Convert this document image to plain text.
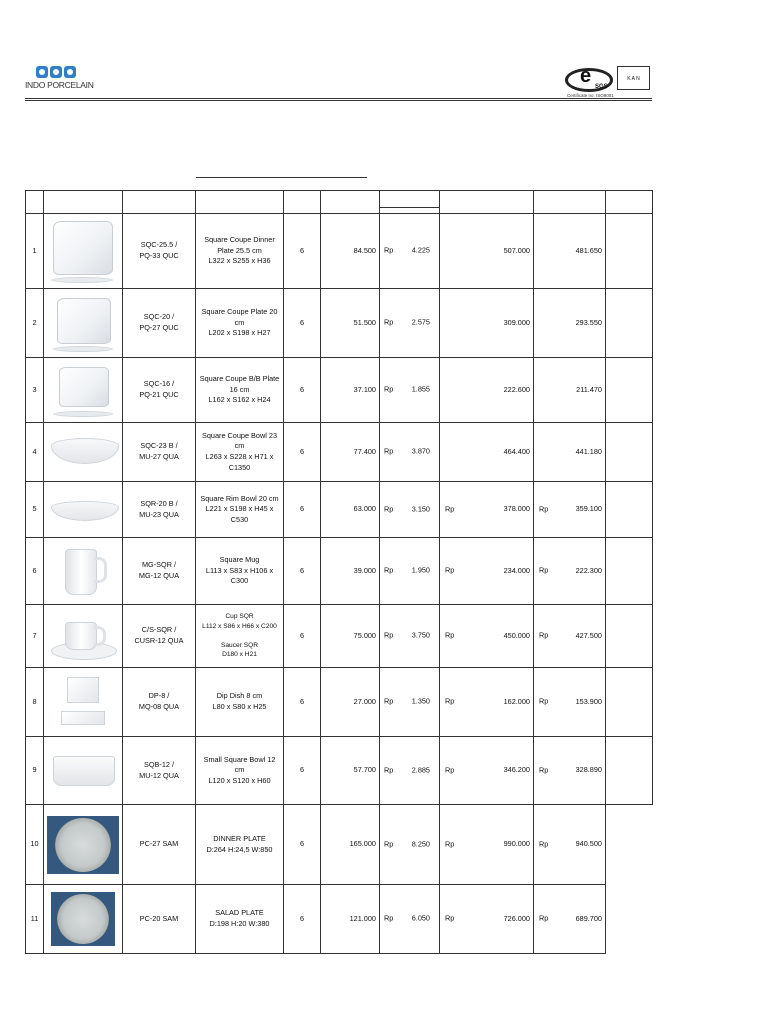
INDO PORCELAIN
e	SGS
K A N
Certificate no. ISO9001

1	

SQC-25.5 /
PQ-33 QUC

Square Coupe Dinner
Plate 25.5 cm
L322 x S255 x H36
	6	84.500	Rp	4.225	507.000	481.650	
2	

SQC-20 /
PQ-27 QUC

Square Coupe Plate 20
cm
L202 x S198 x H27
	6	51.500	Rp	2.575	309.000	293.550	
3	

SQC-16 /
PQ-21 QUC

Square Coupe B/B Plate
16 cm
L162 x S162 x H24
	6	37.100	Rp	1.855	222.600	211.470	
4	

SQC-23 B /
MU-27 QUA

Square Coupe Bowl 23
cm
L263 x S228 x H71 x
C1350
	6	77.400	Rp	3.870	464.400	441.180	
5	

SQR-20 B /
MU-23 QUA

Square Rim Bowl 20 cm
L221 x S198 x H45 x
C530
	6	63.000	Rp	3.150	Rp	378.000	Rp	359.100	
6	

MG-SQR /
MG-12 QUA

Square Mug
L113 x S83 x H106 x
C300
	6	39.000	Rp	1.950	Rp	234.000	Rp	222.300	
7	

C/S-SQR /
CUSR-12 QUA

Cup SQR
L112 x S86 x H66 x C200

Saucer SQR
D180 x H21
	6	75.000	Rp	3.750	Rp	450.000	Rp	427.500	
8	

DP-8 /
MQ-08 QUA

Dip Dish 8 cm
L80 x S80 x H25
	6	27.000	Rp	1.350	Rp	162.000	Rp	153.900	
9	

SQB-12 /
MU-12 QUA

Small Square Bowl 12
cm
L120 x S120 x H60
	6	57.700	Rp	2.885	Rp	346.200	Rp	328.890	
10		PC-27 SAM

DINNER PLATE
D:264 H:24,5 W:850
	6	165.000	Rp	8.250	Rp	990.000	Rp	940.500	
11		PC-20 SAM

SALAD PLATE
D:198 H:20 W:380
	6	121.000	Rp	6.050	Rp	726.000	Rp	689.700	
